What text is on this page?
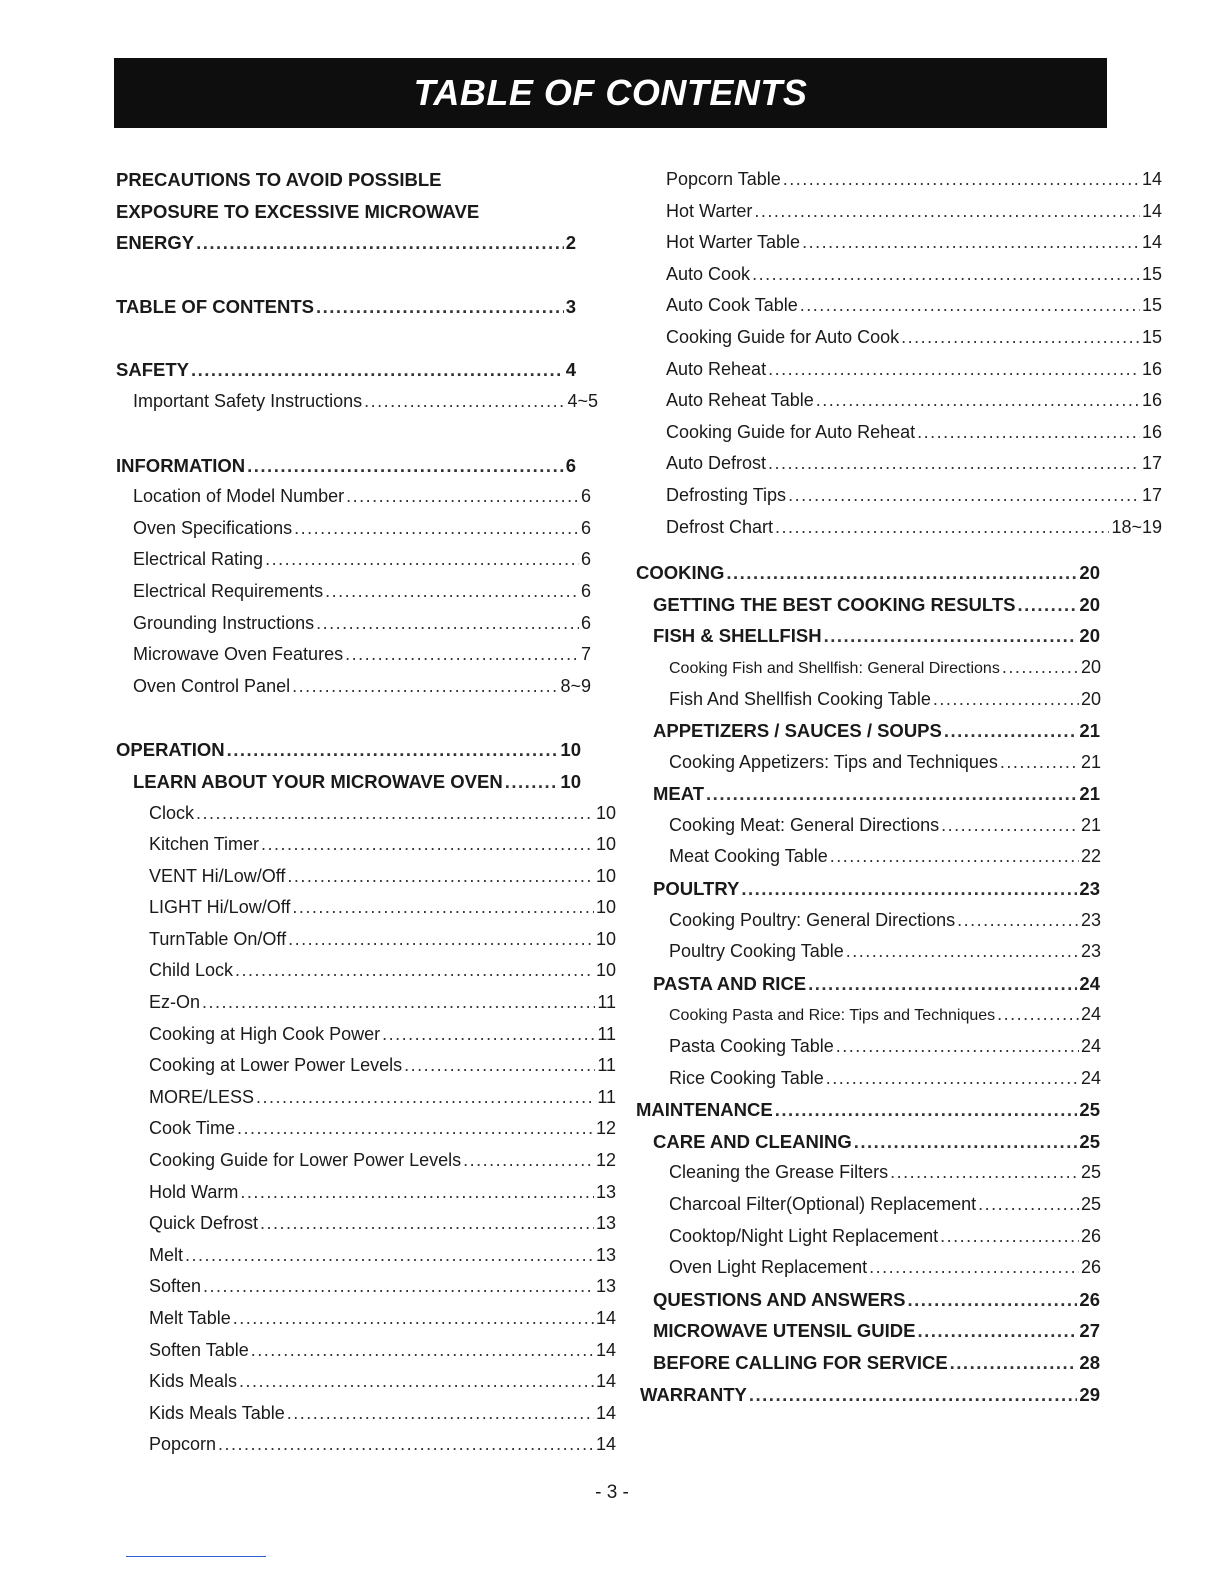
TABLE OF CONTENTS
PRECAUTIONS TO AVOID POSSIBLE
EXPOSURE TO EXCESSIVE MICROWAVE
ENERGY .....	2
TABLE OF CONTENTS .....	3
SAFETY .....	4
Important Safety Instructions .....	4~5
INFORMATION .....	6
Location of Model Number .....	6
Oven Specifications .....	6
Electrical Rating .....	6
Electrical Requirements .....	6
Grounding Instructions .....	6
Microwave Oven Features .....	7
Oven Control Panel .....	8~9
OPERATION .....	10
LEARN ABOUT YOUR MICROWAVE OVEN .....	10
Clock .....	10
Kitchen Timer .....	10
VENT Hi/Low/Off .....	10
LIGHT Hi/Low/Off .....	10
TurnTable On/Off .....	10
Child Lock .....	10
Ez-On .....	11
Cooking at High Cook Power .....	11
Cooking at Lower Power Levels .....	11
MORE/LESS .....	11
Cook Time .....	12
Cooking Guide for Lower Power Levels .....	12
Hold Warm .....	13
Quick Defrost .....	13
Melt .....	13
Soften .....	13
Melt Table .....	14
Soften Table .....	14
Kids Meals .....	14
Kids Meals Table .....	14
Popcorn .....	14
Popcorn Table .....	14
Hot Warter .....	14
Hot Warter Table .....	14
Auto Cook .....	15
Auto Cook Table .....	15
Cooking Guide for Auto Cook .....	15
Auto Reheat .....	16
Auto Reheat Table .....	16
Cooking Guide for Auto Reheat .....	16
Auto Defrost .....	17
Defrosting Tips .....	17
Defrost Chart .....	18~19
COOKING .....	20
GETTING THE BEST COOKING RESULTS .....	20
FISH & SHELLFISH .....	20
Cooking Fish and Shellfish: General Directions .....	20
Fish And Shellfish Cooking Table .....	20
APPETIZERS / SAUCES / SOUPS .....	21
Cooking Appetizers: Tips and Techniques .....	21
MEAT .....	21
Cooking Meat: General Directions .....	21
Meat Cooking Table .....	22
POULTRY .....	23
Cooking Poultry: General Directions .....	23
Poultry Cooking Table .....	23
PASTA AND RICE .....	24
Cooking Pasta and Rice: Tips and Techniques .....	24
Pasta Cooking Table .....	24
Rice Cooking Table .....	24
MAINTENANCE .....	25
CARE AND CLEANING .....	25
Cleaning the Grease Filters .....	25
Charcoal Filter(Optional) Replacement .....	25
Cooktop/Night Light Replacement .....	26
Oven Light Replacement .....	26
QUESTIONS AND ANSWERS .....	26
MICROWAVE UTENSIL GUIDE .....	27
BEFORE CALLING FOR SERVICE .....	28
WARRANTY .....	29
- 3 -
